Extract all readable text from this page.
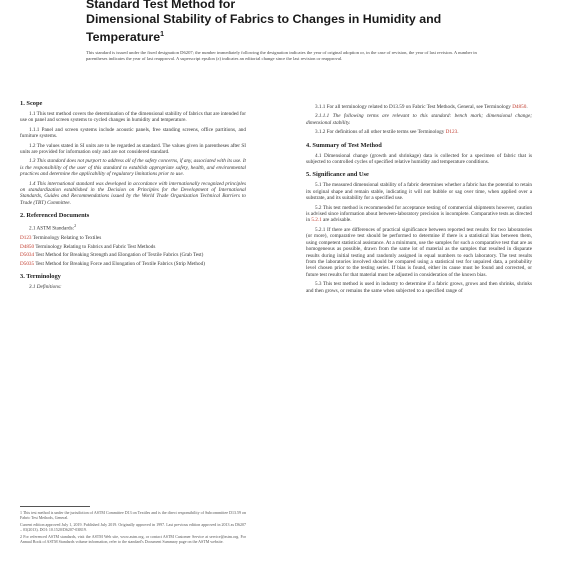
Standard Test Method for

Dimensional Stability of Fabrics to Changes in Humidity and

Temperature$^1$

This standard is issued under the fixed designation D6207; the number immediately following the designation indicates the year of original adoption or, in the case of revision, the year of last revision. A number in parentheses indicates the year of last reapproval. A superscript epsilon (ε) indicates an editorial change since the last revision or reapproval.

1. Scope

1.1 This test method covers the determination of the dimensional stability of fabrics that are intended for use on panel and screen systems to cycled changes in humidity and temperature.

1.1.1 Panel and screen systems include acoustic panels, free standing screens, office partitions, and furniture systems.

1.2 The values stated in SI units are to be regarded as standard. The values given in parentheses after SI units are provided for information only and are not considered standard.

1.3 This standard does not purport to address all of the safety concerns, if any, associated with its use. It is the responsibility of the user of this standard to establish appropriate safety, health, and environmental practices and determine the applicability of regulatory limitations prior to use.

1.4 This international standard was developed in accordance with internationally recognized principles on standardization established in the Decision on Principles for the Development of International Standards, Guides and Recommendations issued by the World Trade Organization Technical Barriers to Trade (TBT) Committee.

2. Referenced Documents

2.1 ASTM Standards:$^2$

D123 Terminology Relating to Textiles

D4850 Terminology Relating to Fabrics and Fabric Test Methods

D5034 Test Method for Breaking Strength and Elongation of Textile Fabrics (Grab Test)

D5035 Test Method for Breaking Force and Elongation of Textile Fabrics (Strip Method)

3. Terminology

3.1 Definitions:

1 This test method is under the jurisdiction of ASTM Committee D13 on Textiles and is the direct responsibility of Subcommittee D13.59 on Fabric Test Methods, General.

Current edition approved July 1, 2019. Published July 2019. Originally approved in 1997. Last previous edition approved in 2013 as D6207 – 03(2013). DOI: 10.1520/D6207-03R19.

2 For referenced ASTM standards, visit the ASTM Web site, www.astm.org, or contact ASTM Customer Service at service@astm.org. For Annual Book of ASTM Standards volume information, refer to the standard's Document Summary page on the ASTM website.

3.1.1 For all terminology related to D13.59 on Fabric Test Methods, General, see Terminology D4850.

3.1.1.1 The following terms are relevant to this standard: bench mark; dimensional change; dimensional stability.

3.1.2 For definitions of all other textile terms see Terminology D123.

4. Summary of Test Method

4.1 Dimensional change (growth and shrinkage) data is collected for a specimen of fabric that is subjected to controlled cycles of specified relative humidity and temperature conditions.

5. Significance and Use

5.1 The measured dimensional stability of a fabric determines whether a fabric has the potential to retain its original shape and remain stable, indicating it will not bubble or sag over time, when applied over a substrate, and its suitability for a specified use.

5.2 This test method is recommended for acceptance testing of commercial shipments however, caution is advised since information about between-laboratory precision is incomplete. Comparative tests as directed in 5.2.1 are advisable.

5.2.1 If there are differences of practical significance between reported test results for two laboratories (or more), comparative test should be performed to determine if there is a statistical bias between them, using competent statistical assistance. At a minimum, use the samples for such a comparative test that are as homogeneous as possible, drawn from the same lot of material as the samples that resulted in disparate results during initial testing and randomly assigned in equal numbers to each laboratory. The test results from the laboratories involved should be compared using a statistical test for unpaired data, a probability level chosen prior to the testing series. If bias is found, either its cause must be found and corrected, or future test results for that material must be adjusted in consideration of the known bias.

5.3 This test method is used in industry to determine if a fabric grows, grows and then shrinks, shrinks and then grows, or remains the same when subjected to a specified range of
